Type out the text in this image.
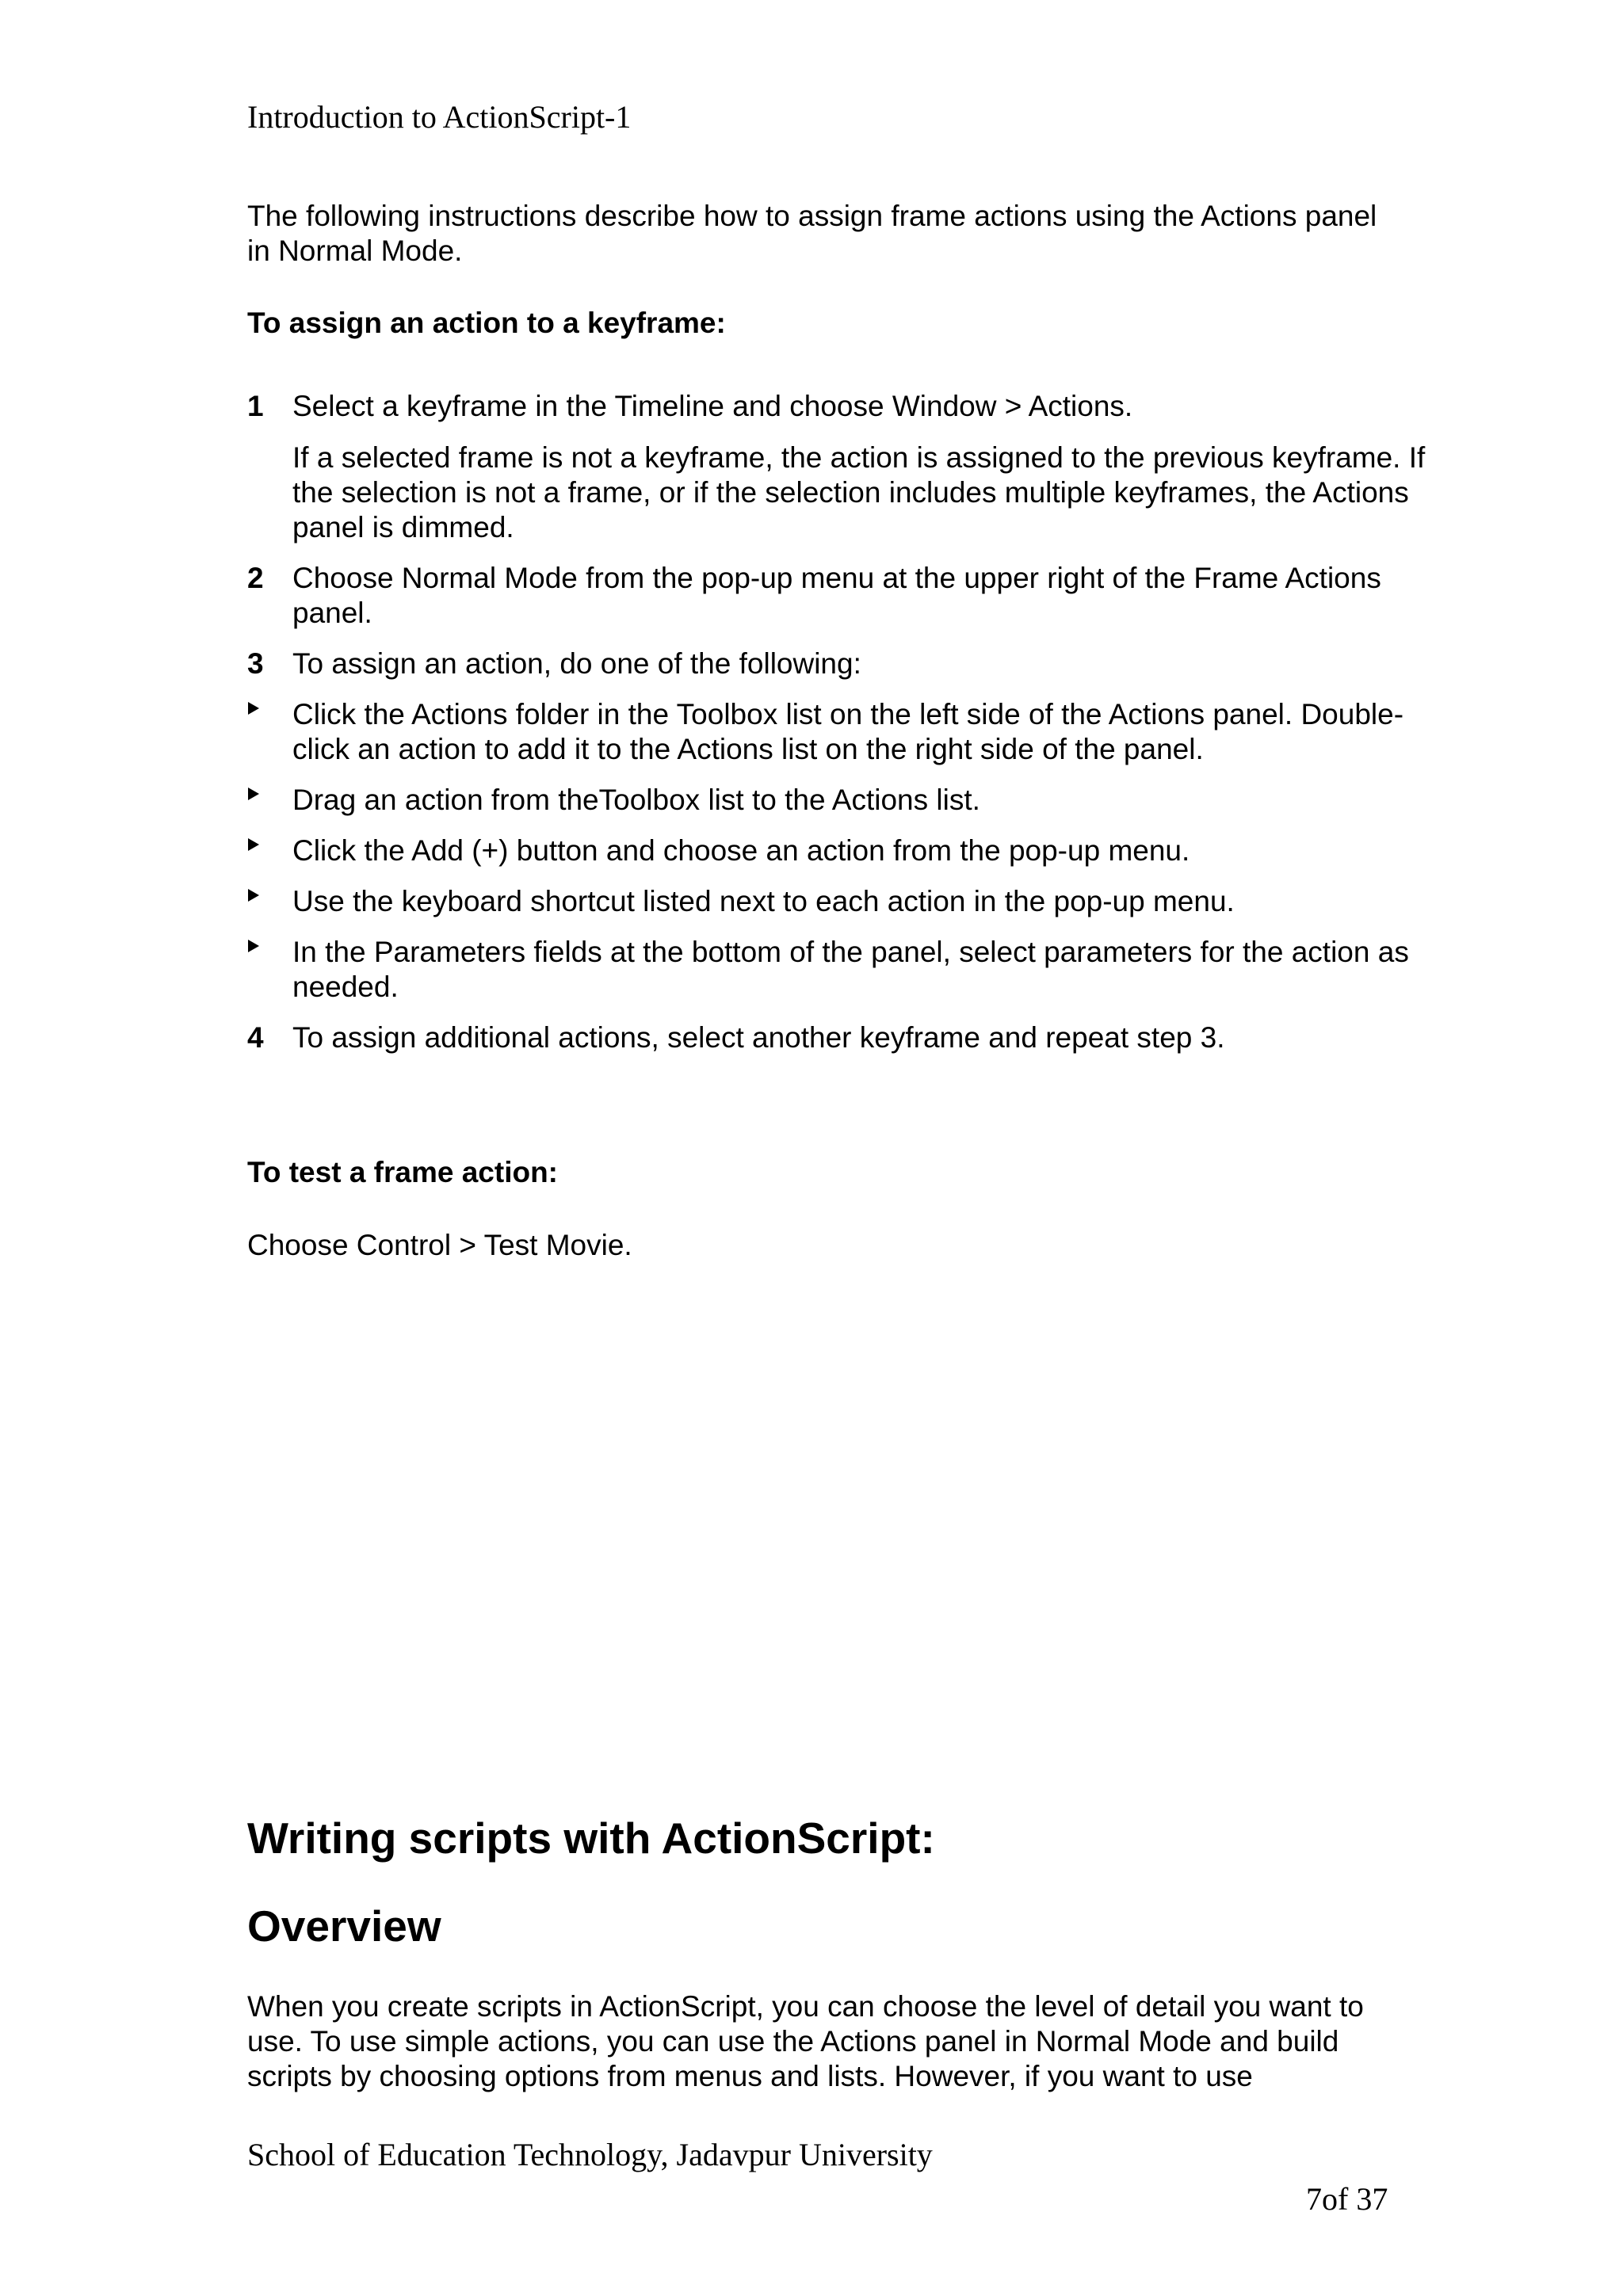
Introduction to ActionScript-1
The following instructions describe how to assign frame actions using the Actions panel in Normal Mode.
To assign an action to a keyframe:
1 Select a keyframe in the Timeline and choose Window > Actions.
If a selected frame is not a keyframe, the action is assigned to the previous keyframe. If the selection is not a frame, or if the selection includes multiple keyframes, the Actions panel is dimmed.
2 Choose Normal Mode from the pop-up menu at the upper right of the Frame Actions panel.
3 To assign an action, do one of the following:
Click the Actions folder in the Toolbox list on the left side of the Actions panel. Double-click an action to add it to the Actions list on the right side of the panel.
Drag an action from theToolbox list to the Actions list.
Click the Add (+) button and choose an action from the pop-up menu.
Use the keyboard shortcut listed next to each action in the pop-up menu.
In the Parameters fields at the bottom of the panel, select parameters for the action as needed.
4 To assign additional actions, select another keyframe and repeat step 3.
To test a frame action:
Choose Control > Test Movie.
Writing scripts with ActionScript:
Overview
When you create scripts in ActionScript, you can choose the level of detail you want to use. To use simple actions, you can use the Actions panel in Normal Mode and build scripts by choosing options from menus and lists. However, if you want to use
School of Education Technology, Jadavpur University
7of 37
